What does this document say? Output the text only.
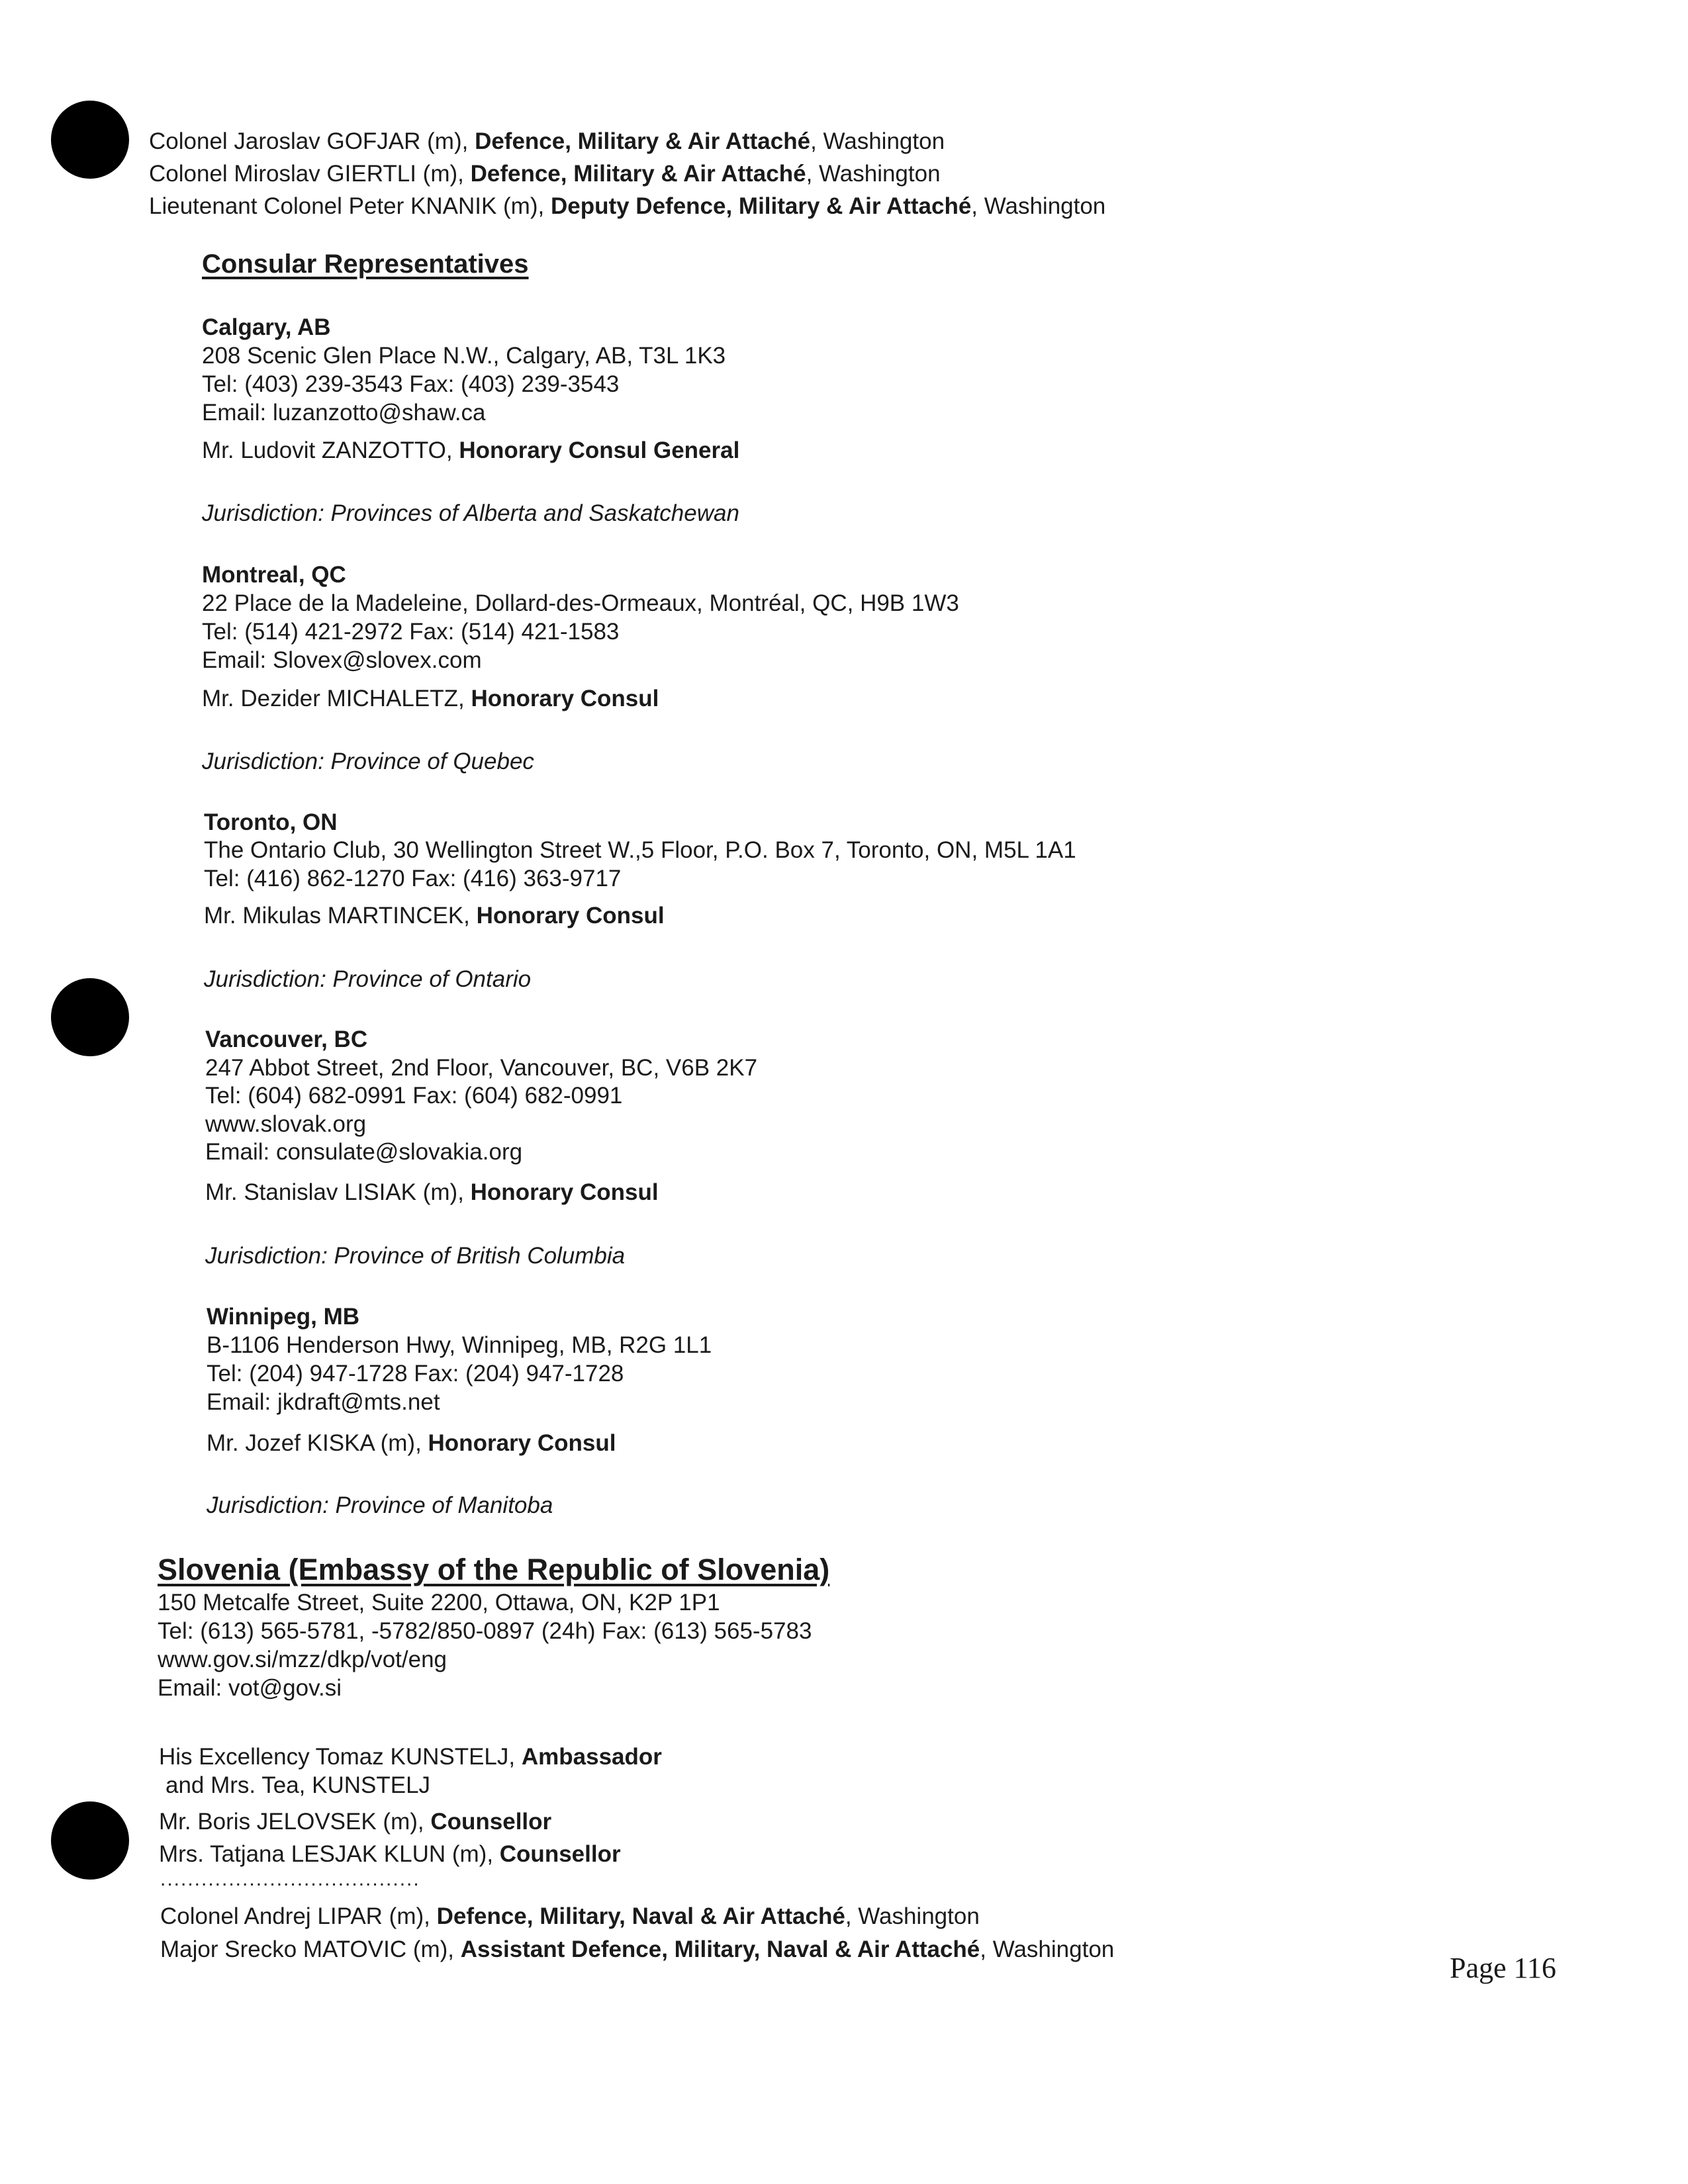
Colonel Jaroslav GOFJAR (m), Defence, Military & Air Attaché, Washington
Colonel Miroslav GIERTLI (m), Defence, Military & Air Attaché, Washington
Lieutenant Colonel Peter KNANIK (m), Deputy Defence, Military & Air Attaché, Washington
Consular Representatives
Calgary, AB
208 Scenic Glen Place N.W., Calgary, AB, T3L 1K3
Tel: (403) 239-3543 Fax: (403) 239-3543
Email: luzanzotto@shaw.ca
Mr. Ludovit ZANZOTTO, Honorary Consul General
Jurisdiction: Provinces of Alberta and Saskatchewan
Montreal, QC
22 Place de la Madeleine, Dollard-des-Ormeaux, Montréal, QC, H9B 1W3
Tel: (514) 421-2972 Fax: (514) 421-1583
Email: Slovex@slovex.com
Mr. Dezider MICHALETZ, Honorary Consul
Jurisdiction: Province of Quebec
Toronto, ON
The Ontario Club, 30 Wellington Street W.,5 Floor, P.O. Box 7, Toronto, ON, M5L 1A1
Tel: (416) 862-1270 Fax: (416) 363-9717
Mr. Mikulas MARTINCEK, Honorary Consul
Jurisdiction: Province of Ontario
Vancouver, BC
247 Abbot Street, 2nd Floor, Vancouver, BC, V6B 2K7
Tel: (604) 682-0991 Fax: (604) 682-0991
www.slovak.org
Email: consulate@slovakia.org
Mr. Stanislav LISIAK (m), Honorary Consul
Jurisdiction: Province of British Columbia
Winnipeg, MB
B-1106 Henderson Hwy, Winnipeg, MB, R2G 1L1
Tel: (204) 947-1728 Fax: (204) 947-1728
Email: jkdraft@mts.net
Mr. Jozef KISKA (m), Honorary Consul
Jurisdiction: Province of Manitoba
Slovenia (Embassy of the Republic of Slovenia)
150 Metcalfe Street, Suite 2200, Ottawa, ON, K2P 1P1
Tel: (613) 565-5781, -5782/850-0897 (24h) Fax: (613) 565-5783
www.gov.si/mzz/dkp/vot/eng
Email: vot@gov.si
His Excellency Tomaz KUNSTELJ, Ambassador
and Mrs. Tea, KUNSTELJ
Mr. Boris JELOVSEK (m), Counsellor
Mrs. Tatjana LESJAK KLUN (m), Counsellor
......................................
Colonel Andrej LIPAR (m), Defence, Military, Naval & Air Attaché, Washington
Major Srecko MATOVIC (m), Assistant Defence, Military, Naval & Air Attaché, Washington
Page 116
